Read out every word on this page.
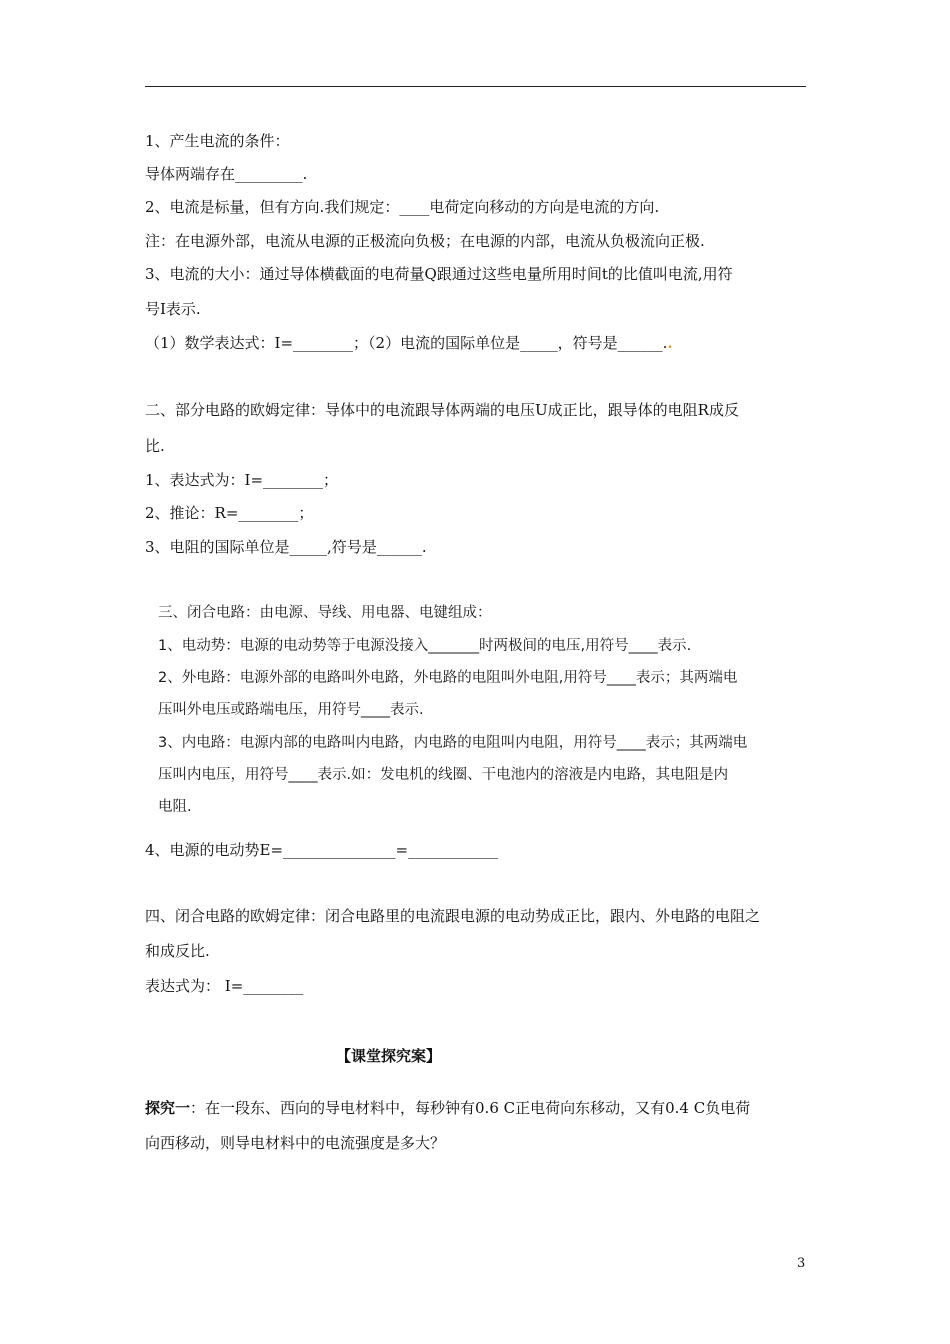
1、产生电流的条件：
导体两端存在_________.
2、电流是标量，但有方向.我们规定：____电荷定向移动的方向是电流的方向.
注：在电源外部，电流从电源的正极流向负极；在电源的内部，电流从负极流向正极.
3、电流的大小：通过导体横截面的电荷量Q跟通过这些电量所用时间t的比值叫电流,用符
号I表示.
（1）数学表达式：I=________；（2）电流的国际单位是_____，符号是______..
二、部分电路的欧姆定律：导体中的电流跟导体两端的电压U成正比，跟导体的电阻R成反
比.
1、表达式为：I=________；
2、推论：R=________；
3、电阻的国际单位是_____,符号是______.
三、闭合电路：由电源、导线、用电器、电键组成：
1、电动势：电源的电动势等于电源没接入_______时两极间的电压,用符号____表示.
2、外电路：电源外部的电路叫外电路，外电路的电阻叫外电阻,用符号____表示；其两端电
压叫外电压或路端电压，用符号____表示.
3、内电路：电源内部的电路叫内电路，内电路的电阻叫内电阻，用符号____表示；其两端电
压叫内电压，用符号____表示.如：发电机的线圈、干电池内的溶液是内电路，其电阻是内
电阻.
4、电源的电动势E=_______________=____________
四、闭合电路的欧姆定律：闭合电路里的电流跟电源的电动势成正比，跟内、外电路的电阻之
和成反比.
表达式为： I=________
【课堂探究案】
探究一：在一段东、西向的导电材料中，每秒钟有0.6 C正电荷向东移动，又有0.4 C负电荷
向西移动，则导电材料中的电流强度是多大？
3
